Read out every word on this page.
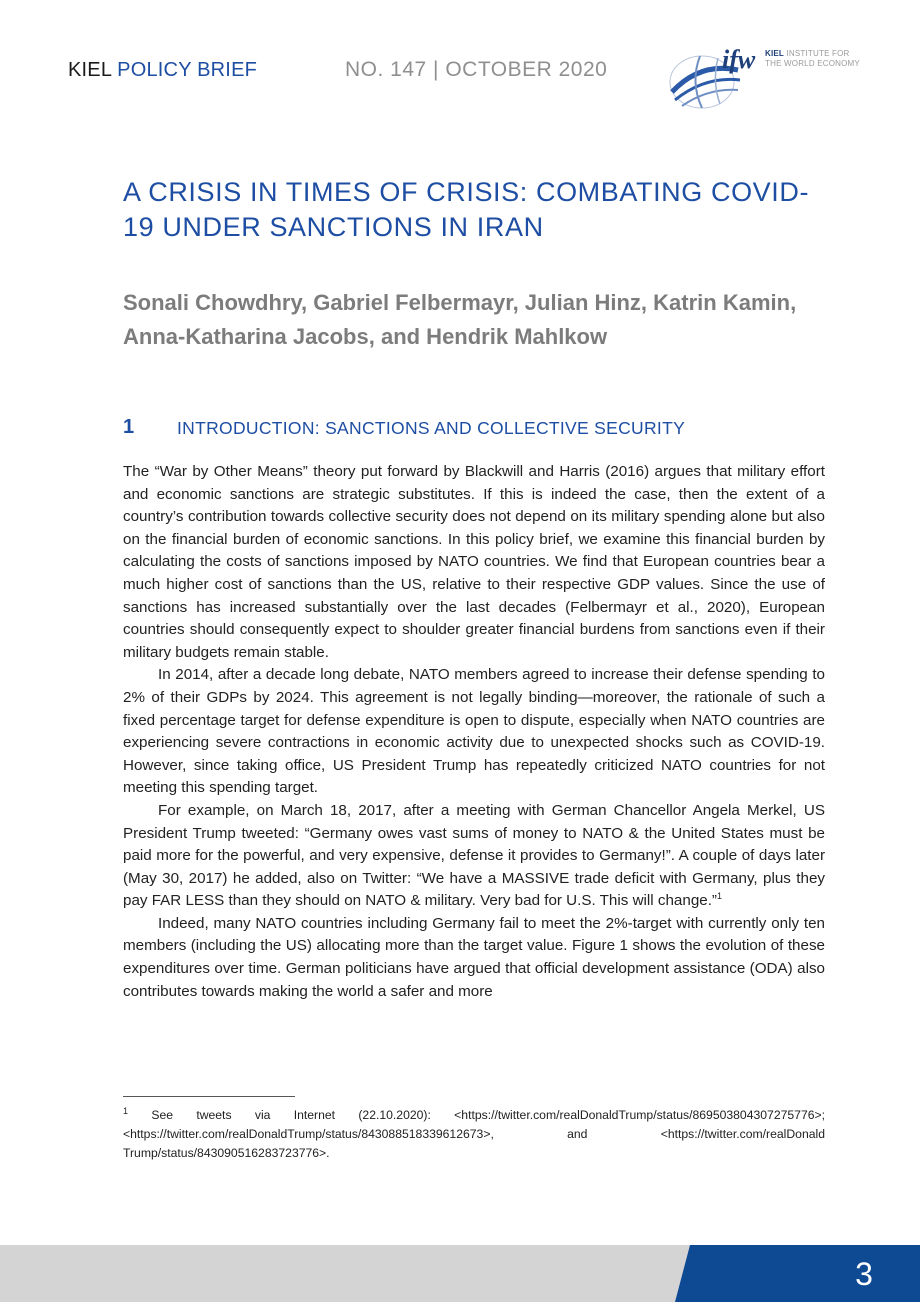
KIEL POLICY BRIEF	NO. 147 | OCTOBER 2020	ifw KIEL INSTITUTE FOR
THE WORLD ECONOMY
A CRISIS IN TIMES OF CRISIS: COMBATING COVID-19 UNDER SANCTIONS IN IRAN

Sonali Chowdhry, Gabriel Felbermayr, Julian Hinz, Katrin Kamin, Anna-Katharina Jacobs, and Hendrik Mahlkow

1 INTRODUCTION: SANCTIONS AND COLLECTIVE SECURITY

The “War by Other Means” theory put forward by Blackwill and Harris (2016) argues that military effort and economic sanctions are strategic substitutes. If this is indeed the case, then the extent of a country’s contribution towards collective security does not depend on its military spending alone but also on the financial burden of economic sanctions. In this policy brief, we examine this financial burden by calculating the costs of sanctions imposed by NATO countries. We find that European countries bear a much higher cost of sanctions than the US, relative to their respective GDP values. Since the use of sanctions has increased substantially over the last decades (Felbermayr et al., 2020), European countries should consequently expect to shoulder greater financial burdens from sanctions even if their military budgets remain stable.

In 2014, after a decade long debate, NATO members agreed to increase their defense spending to 2% of their GDPs by 2024. This agreement is not legally binding—moreover, the rationale of such a fixed percentage target for defense expenditure is open to dispute, especially when NATO countries are experiencing severe contractions in economic activity due to unexpected shocks such as COVID-19. However, since taking office, US President Trump has repeatedly criticized NATO countries for not meeting this spending target.

For example, on March 18, 2017, after a meeting with German Chancellor Angela Merkel, US President Trump tweeted: “Germany owes vast sums of money to NATO & the United States must be paid more for the powerful, and very expensive, defense it provides to Germany!”. A couple of days later (May 30, 2017) he added, also on Twitter: “We have a MASSIVE trade deficit with Germany, plus they pay FAR LESS than they should on NATO & military. Very bad for U.S. This will change.”$^1$

Indeed, many NATO countries including Germany fail to meet the 2%-target with currently only ten members (including the US) allocating more than the target value. Figure 1 shows the evolution of these expenditures over time. German politicians have argued that official development assistance (ODA) also contributes towards making the world a safer and more

$^1$ See tweets via Internet (22.10.2020): <https://twitter.com/realDonaldTrump/status/869503804307275776>; <https://twitter.com/realDonaldTrump/status/843088518339612673>, and <https://twitter.com/realDonald Trump/status/843090516283723776>.

3
